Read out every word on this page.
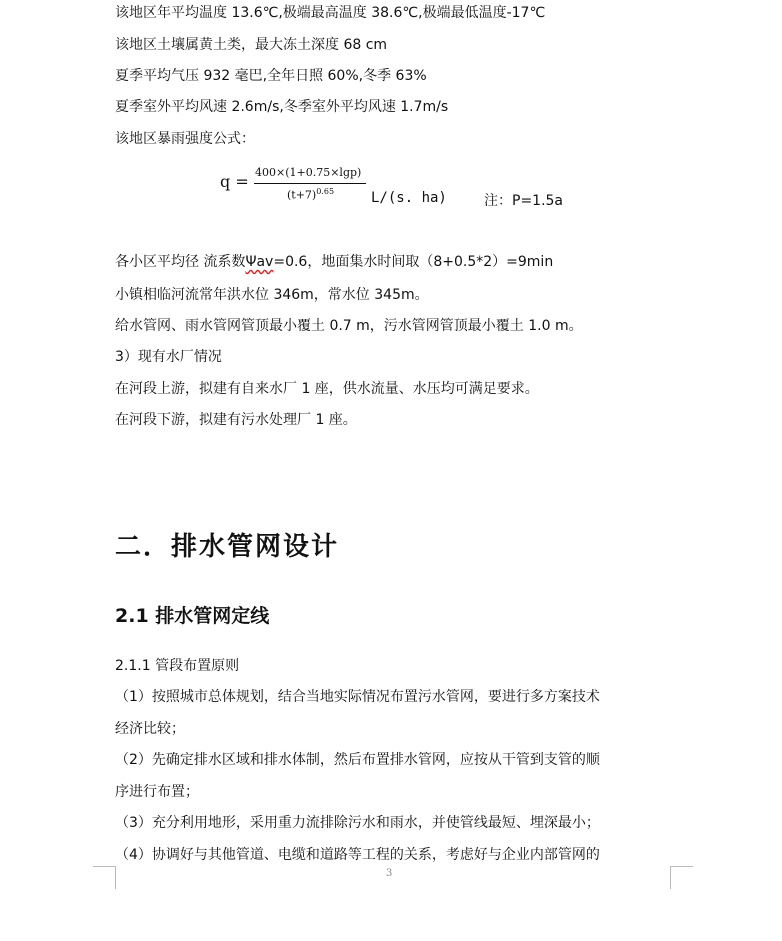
该地区年平均温度 13.6℃,极端最高温度 38.6℃,极端最低温度-17℃
该地区土壤属黄土类，最大冻土深度 68 cm
夏季平均气压 932 毫巴,全年日照 60%,冬季 63%
夏季室外平均风速 2.6m/s,冬季室外平均风速 1.7m/s
该地区暴雨强度公式：
q = 400×(1+0.75×lgp)
$(t+7)^{0.65}$	L/(s. ha)	注：P=1.5a
各小区平均径 流系数Ψav=0.6，地面集水时间取（8+0.5*2）=9min
小镇相临河流常年洪水位 346m，常水位 345m。
给水管网、雨水管网管顶最小覆土 0.7 m，污水管网管顶最小覆土 1.0 m。
3）现有水厂情况
在河段上游，拟建有自来水厂 1 座，供水流量、水压均可满足要求。
在河段下游，拟建有污水处理厂 1 座。
二．排水管网设计
2.1 排水管网定线
2.1.1 管段布置原则
（1）按照城市总体规划，结合当地实际情况布置污水管网，要进行多方案技术
经济比较；
（2）先确定排水区域和排水体制，然后布置排水管网，应按从干管到支管的顺
序进行布置；
（3）充分利用地形，采用重力流排除污水和雨水，并使管线最短、埋深最小；
（4）协调好与其他管道、电缆和道路等工程的关系，考虑好与企业内部管网的
3
